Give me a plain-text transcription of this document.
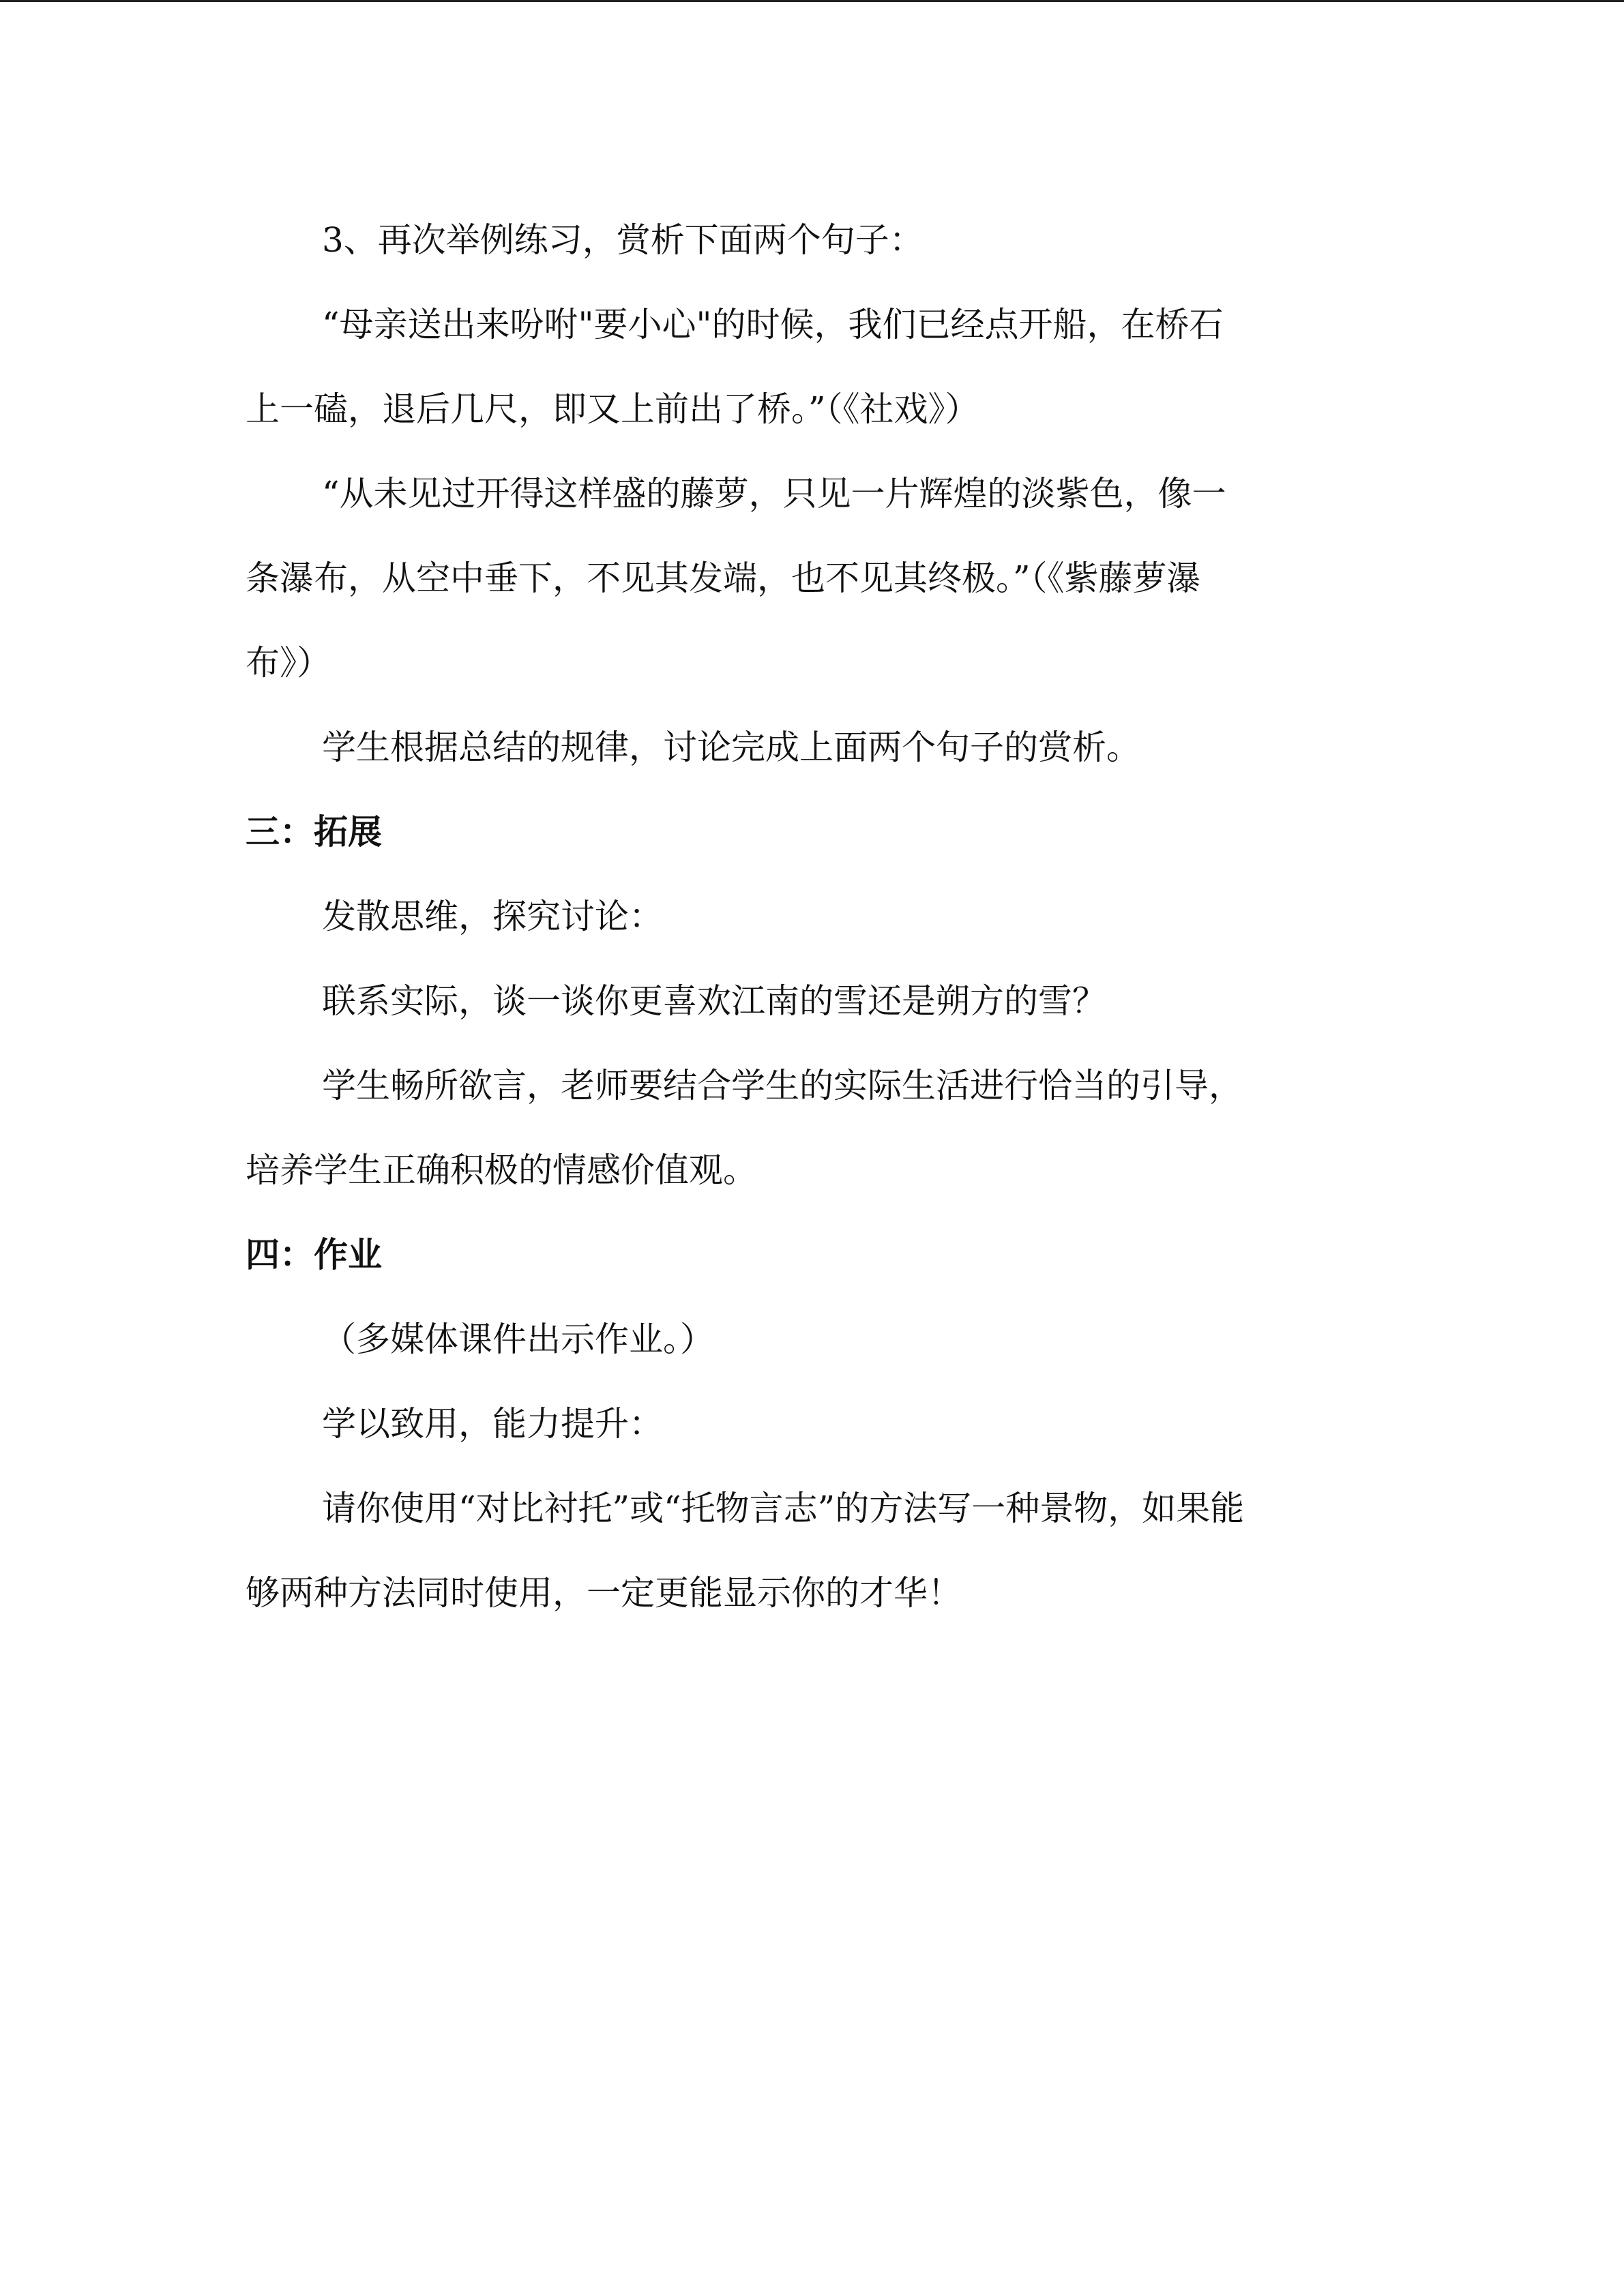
3、再次举例练习，赏析下面两个句子：
“母亲送出来吩咐"要小心"的时候，我们已经点开船，在桥石
上一磕，退后几尺，即又上前出了桥。”（《社戏》）
“从未见过开得这样盛的藤萝，只见一片辉煌的淡紫色，像一
条瀑布，从空中垂下，不见其发端，也不见其终极。”（《紫藤萝瀑
布》）
学生根据总结的规律，讨论完成上面两个句子的赏析。
三：拓展
发散思维，探究讨论：
联系实际，谈一谈你更喜欢江南的雪还是朔方的雪？
学生畅所欲言，老师要结合学生的实际生活进行恰当的引导，
培养学生正确积极的情感价值观。
四：作业
（多媒体课件出示作业。）
学以致用，能力提升：
请你使用“对比衬托”或“托物言志”的方法写一种景物，如果能
够两种方法同时使用，一定更能显示你的才华！
